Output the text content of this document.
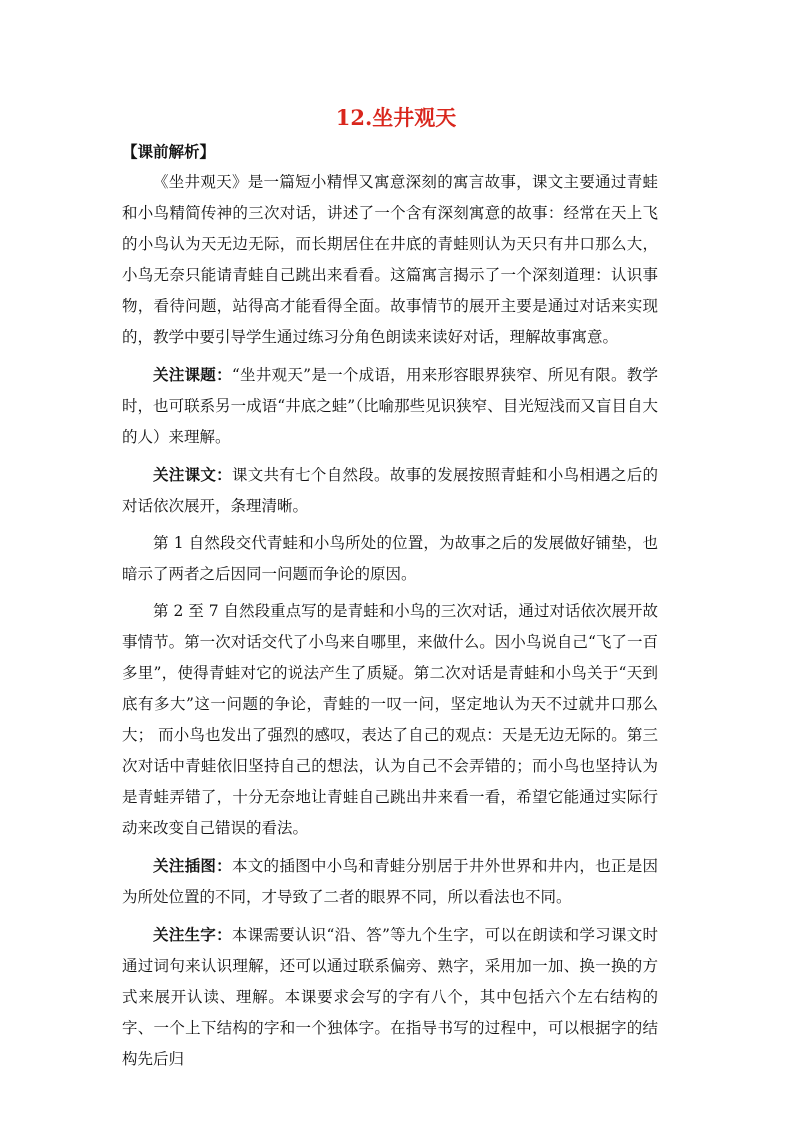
12.坐井观天
【课前解析】

《坐井观天》是一篇短小精悍又寓意深刻的寓言故事，课文主要通过青蛙和小鸟精简传神的三次对话，讲述了一个含有深刻寓意的故事：经常在天上飞的小鸟认为天无边无际，而长期居住在井底的青蛙则认为天只有井口那么大，小鸟无奈只能请青蛙自己跳出来看看。这篇寓言揭示了一个深刻道理：认识事物，看待问题，站得高才能看得全面。故事情节的展开主要是通过对话来实现的，教学中要引导学生通过练习分角色朗读来读好对话，理解故事寓意。

关注课题：“坐井观天”是一个成语，用来形容眼界狭窄、所见有限。教学时，也可联系另一成语“井底之蛙”（比喻那些见识狭窄、目光短浅而又盲目自大的人）来理解。

关注课文：课文共有七个自然段。故事的发展按照青蛙和小鸟相遇之后的对话依次展开，条理清晰。

第 1 自然段交代青蛙和小鸟所处的位置，为故事之后的发展做好铺垫，也暗示了两者之后因同一问题而争论的原因。

第 2 至 7 自然段重点写的是青蛙和小鸟的三次对话，通过对话依次展开故事情节。第一次对话交代了小鸟来自哪里，来做什么。因小鸟说自己“飞了一百多里”，使得青蛙对它的说法产生了质疑。第二次对话是青蛙和小鸟关于“天到底有多大”这一问题的争论，青蛙的一叹一问，坚定地认为天不过就井口那么大； 而小鸟也发出了强烈的感叹，表达了自己的观点：天是无边无际的。第三次对话中青蛙依旧坚持自己的想法，认为自己不会弄错的；而小鸟也坚持认为是青蛙弄错了，十分无奈地让青蛙自己跳出井来看一看，希望它能通过实际行动来改变自己错误的看法。

关注插图：本文的插图中小鸟和青蛙分别居于井外世界和井内，也正是因为所处位置的不同，才导致了二者的眼界不同，所以看法也不同。

关注生字：本课需要认识“沿、答”等九个生字，可以在朗读和学习课文时通过词句来认识理解，还可以通过联系偏旁、熟字，采用加一加、换一换的方式来展开认读、理解。本课要求会写的字有八个，其中包括六个左右结构的字、一个上下结构的字和一个独体字。在指导书写的过程中，可以根据字的结构先后归
